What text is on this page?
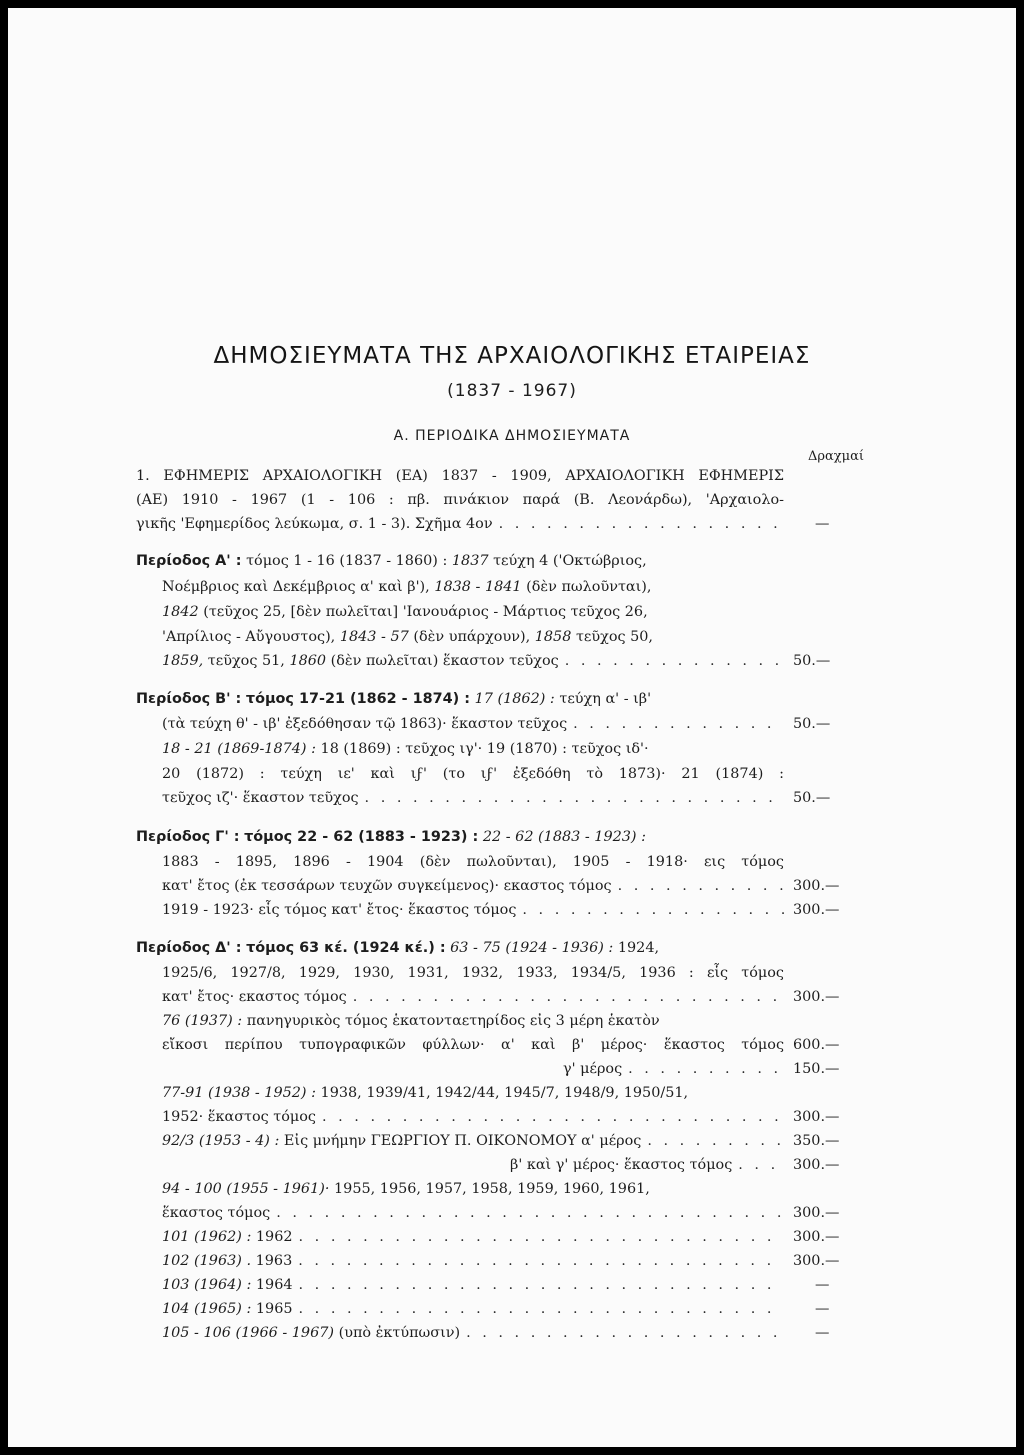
ΔΗΜΟΣΙΕΥΜΑΤΑ ΤΗΣ ΑΡΧΑΙΟΛΟΓΙΚΗΣ ΕΤΑΙΡΕΙΑΣ
(1837 - 1967)
Α. ΠΕΡΙΟΔΙΚΑ ΔΗΜΟΣΙΕΥΜΑΤΑ
Δραχμαί
1. ΕΦΗΜΕΡΙΣ ΑΡΧΑΙΟΛΟΓΙΚΗ (ΕΑ) 1837 - 1909, ΑΡΧΑΙΟΛΟΓΙΚΗ ΕΦΗΜΕΡΙΣ
(ΑΕ) 1910 - 1967 (1 - 106 : πβ. πινάκιον παρά (Β. Λεονάρδω), 'Αρχαιολο-
γικῆς 'Εφημερίδος λεύκωμα, σ. 1 - 3). Σχῆμα 4ον . . .	—
Περίοδος Α' : τόμος 1 - 16 (1837 - 1860) : 1837 τεύχη 4 ('Οκτώβριος,
Νοέμβριος καὶ Δεκέμβριος α' καὶ β'), 1838 - 1841 (δὲν πωλοῦνται),
1842 (τεῦχος 25, [δὲν πωλεῖται] 'Ιανουάριος - Μάρτιος τεῦχος 26,
'Απρίλιος - Αὔγουστος), 1843 - 57 (δὲν υπάρχουν), 1858 τεῦχος 50,
1859, τεῦχος 51, 1860 (δὲν πωλεῖται) ἕκαστον τεῦχος . . .	50.—
Περίοδος Β' : τόμος 17-21 (1862 - 1874) : 17 (1862) : τεύχη α' - ιβ'
(τὰ τεύχη θ' - ιβ' ἐξεδόθησαν τῷ 1863)· ἕκαστον τεῦχος . . .	50.—
18 - 21 (1869-1874) : 18 (1869) : τεῦχος ιγ'· 19 (1870) : τεῦχος ιδ'·
20 (1872) : τεύχη ιε' καὶ ιϝ' (το ιϝ' ἐξεδόθη τὸ 1873)· 21 (1874) :
τεῦχος ιζ'· ἕκαστον τεῦχος . . .	50.—
Περίοδος Γ' : τόμος 22 - 62 (1883 - 1923) : 22 - 62 (1883 - 1923) :
1883 - 1895, 1896 - 1904 (δὲν πωλοῦνται), 1905 - 1918· εις τόμος
κατ' ἔτος (ἐκ τεσσάρων τευχῶν συγκείμενος)· εκαστος τόμος . . .	300.—
1919 - 1923· εἷς τόμος κατ' ἔτος· ἕκαστος τόμος . . .	300.—
Περίοδος Δ' : τόμος 63 κέ. (1924 κέ.) : 63 - 75 (1924 - 1936) : 1924,
1925/6, 1927/8, 1929, 1930, 1931, 1932, 1933, 1934/5, 1936 : εἷς τόμος
κατ' ἔτος· εκαστος τόμος . . .	300.—
76 (1937) : πανηγυρικὸς τόμος ἑκατονταετηρίδος εἰς 3 μέρη ἑκατὸν
εἴκοσι περίπου τυπογραφικῶν φύλλων· α' καὶ β' μέρος· ἕκαστος τόμος 600.—
γ' μέρος . . .	150.—
77-91 (1938 - 1952) : 1938, 1939/41, 1942/44, 1945/7, 1948/9, 1950/51,
1952· ἕκαστος τόμος . . .	300.—
92/3 (1953 - 4) : Εἰς μνήμην ΓΕΩΡΓΙΟΥ Π. ΟΙΚΟΝΟΜΟΥ α' μέρος . . .	350.—
β' καὶ γ' μέρος· ἕκαστος τόμος . . .	300.—
94 - 100 (1955 - 1961)· 1955, 1956, 1957, 1958, 1959, 1960, 1961,
ἕκαστος τόμος . . .	300.—
101 (1962) : 1962 . . .	300.—
102 (1963) . 1963 . . .	300.—
103 (1964) : 1964 . . .	—
104 (1965) : 1965 . . .	—
105 - 106 (1966 - 1967) (υπὸ ἐκτύπωσιν) . . .	—
